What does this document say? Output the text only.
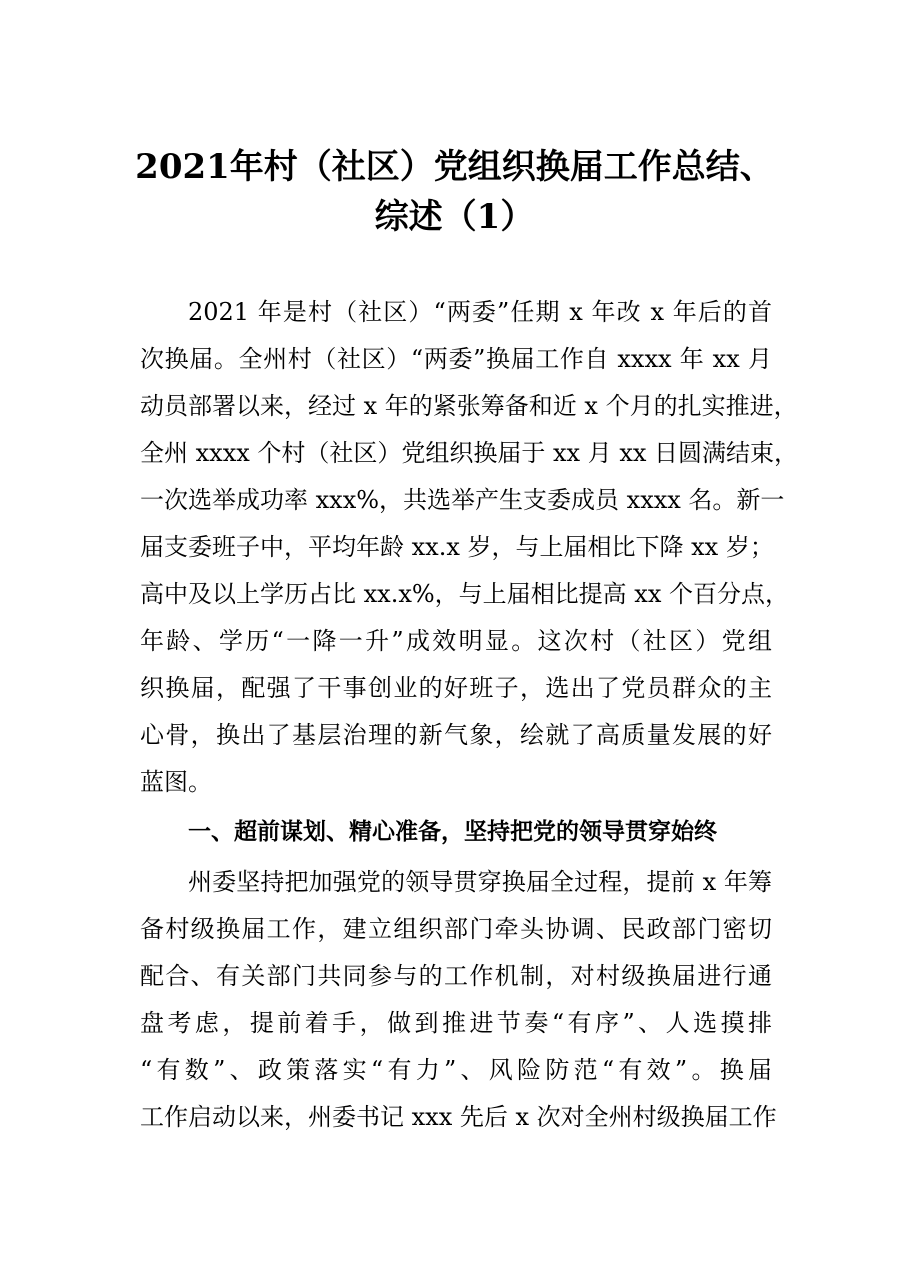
2021年村（社区）党组织换届工作总结、
综述（1）

2021 年是村（社区）“两委”任期 x 年改 x 年后的首

次换届。全州村（社区）“两委”换届工作自 xxxx 年 xx 月

动员部署以来，经过 x 年的紧张筹备和近 x 个月的扎实推进，

全州 xxxx 个村（社区）党组织换届于 xx 月 xx 日圆满结束，

一次选举成功率 xxx%，共选举产生支委成员 xxxx 名。新一

届支委班子中，平均年龄 xx.x 岁，与上届相比下降 xx 岁；

高中及以上学历占比 xx.x%，与上届相比提高 xx 个百分点，

年龄、学历“一降一升”成效明显。这次村（社区）党组

织换届，配强了干事创业的好班子，选出了党员群众的主

心骨，换出了基层治理的新气象，绘就了高质量发展的好

蓝图。

一、超前谋划、精心准备，坚持把党的领导贯穿始终

州委坚持把加强党的领导贯穿换届全过程，提前 x 年筹

备村级换届工作，建立组织部门牵头协调、民政部门密切

配合、有关部门共同参与的工作机制，对村级换届进行通

盘考虑，提前着手，做到推进节奏“有序”、人选摸排

“有数”、政策落实“有力”、风险防范“有效”。换届

工作启动以来，州委书记 xxx 先后 x 次对全州村级换届工作
